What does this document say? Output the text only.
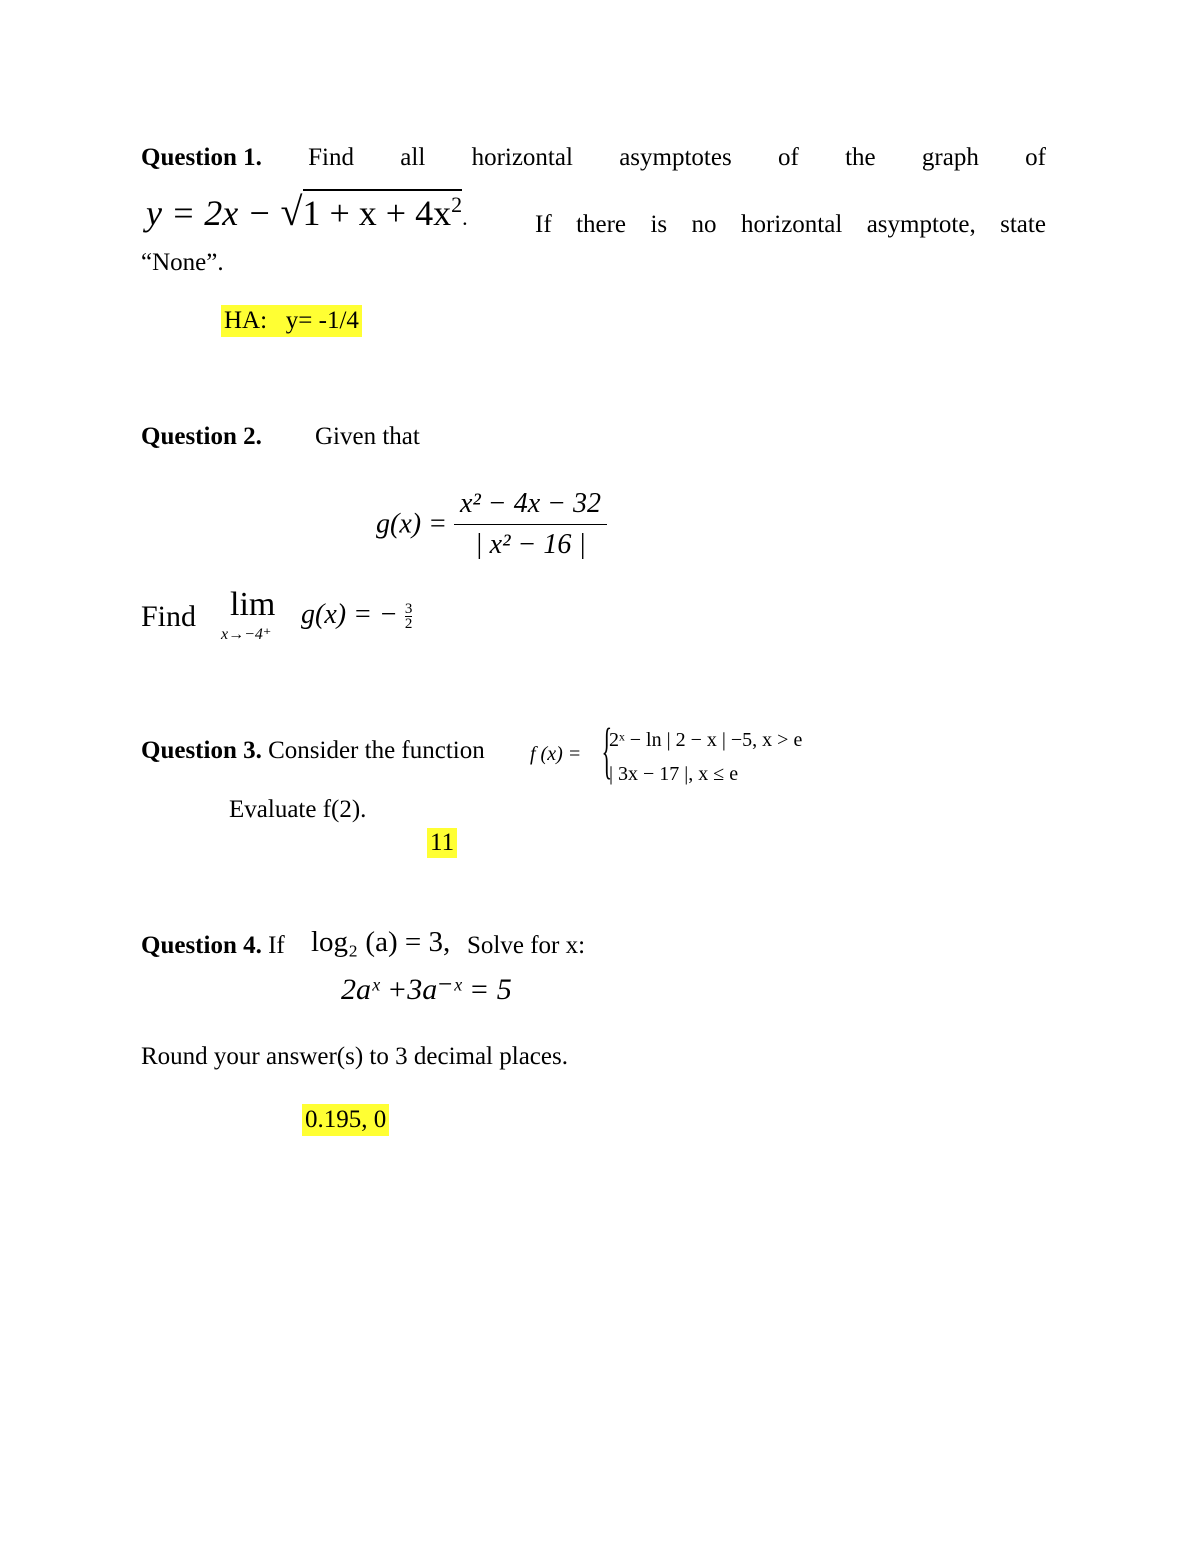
Question 1. Find all horizontal asymptotes of the graph of
$y = 2x - √1 + x + 4x^2$.	If there is no horizontal asymptote, state
“None”.
HA:   y= -1/4
Question 2. Given that
$g(x) = \frac{\text{x² − 4x − 32}}{\text{| x² − 16 |}}$
Find lim
x→−4⁺
g(x) = − $\frac{3}{2}$
Question 3. Consider the function f (x) = {
2ˣ − ln | 2 − x | −5, x > e
| 3x − 17 |, x ≤ e
Evaluate f(2).
11
Question 4. If log₂ (a) = 3, Solve for x:
2aˣ +3a⁻ˣ = 5
Round your answer(s) to 3 decimal places.
0.195, 0
